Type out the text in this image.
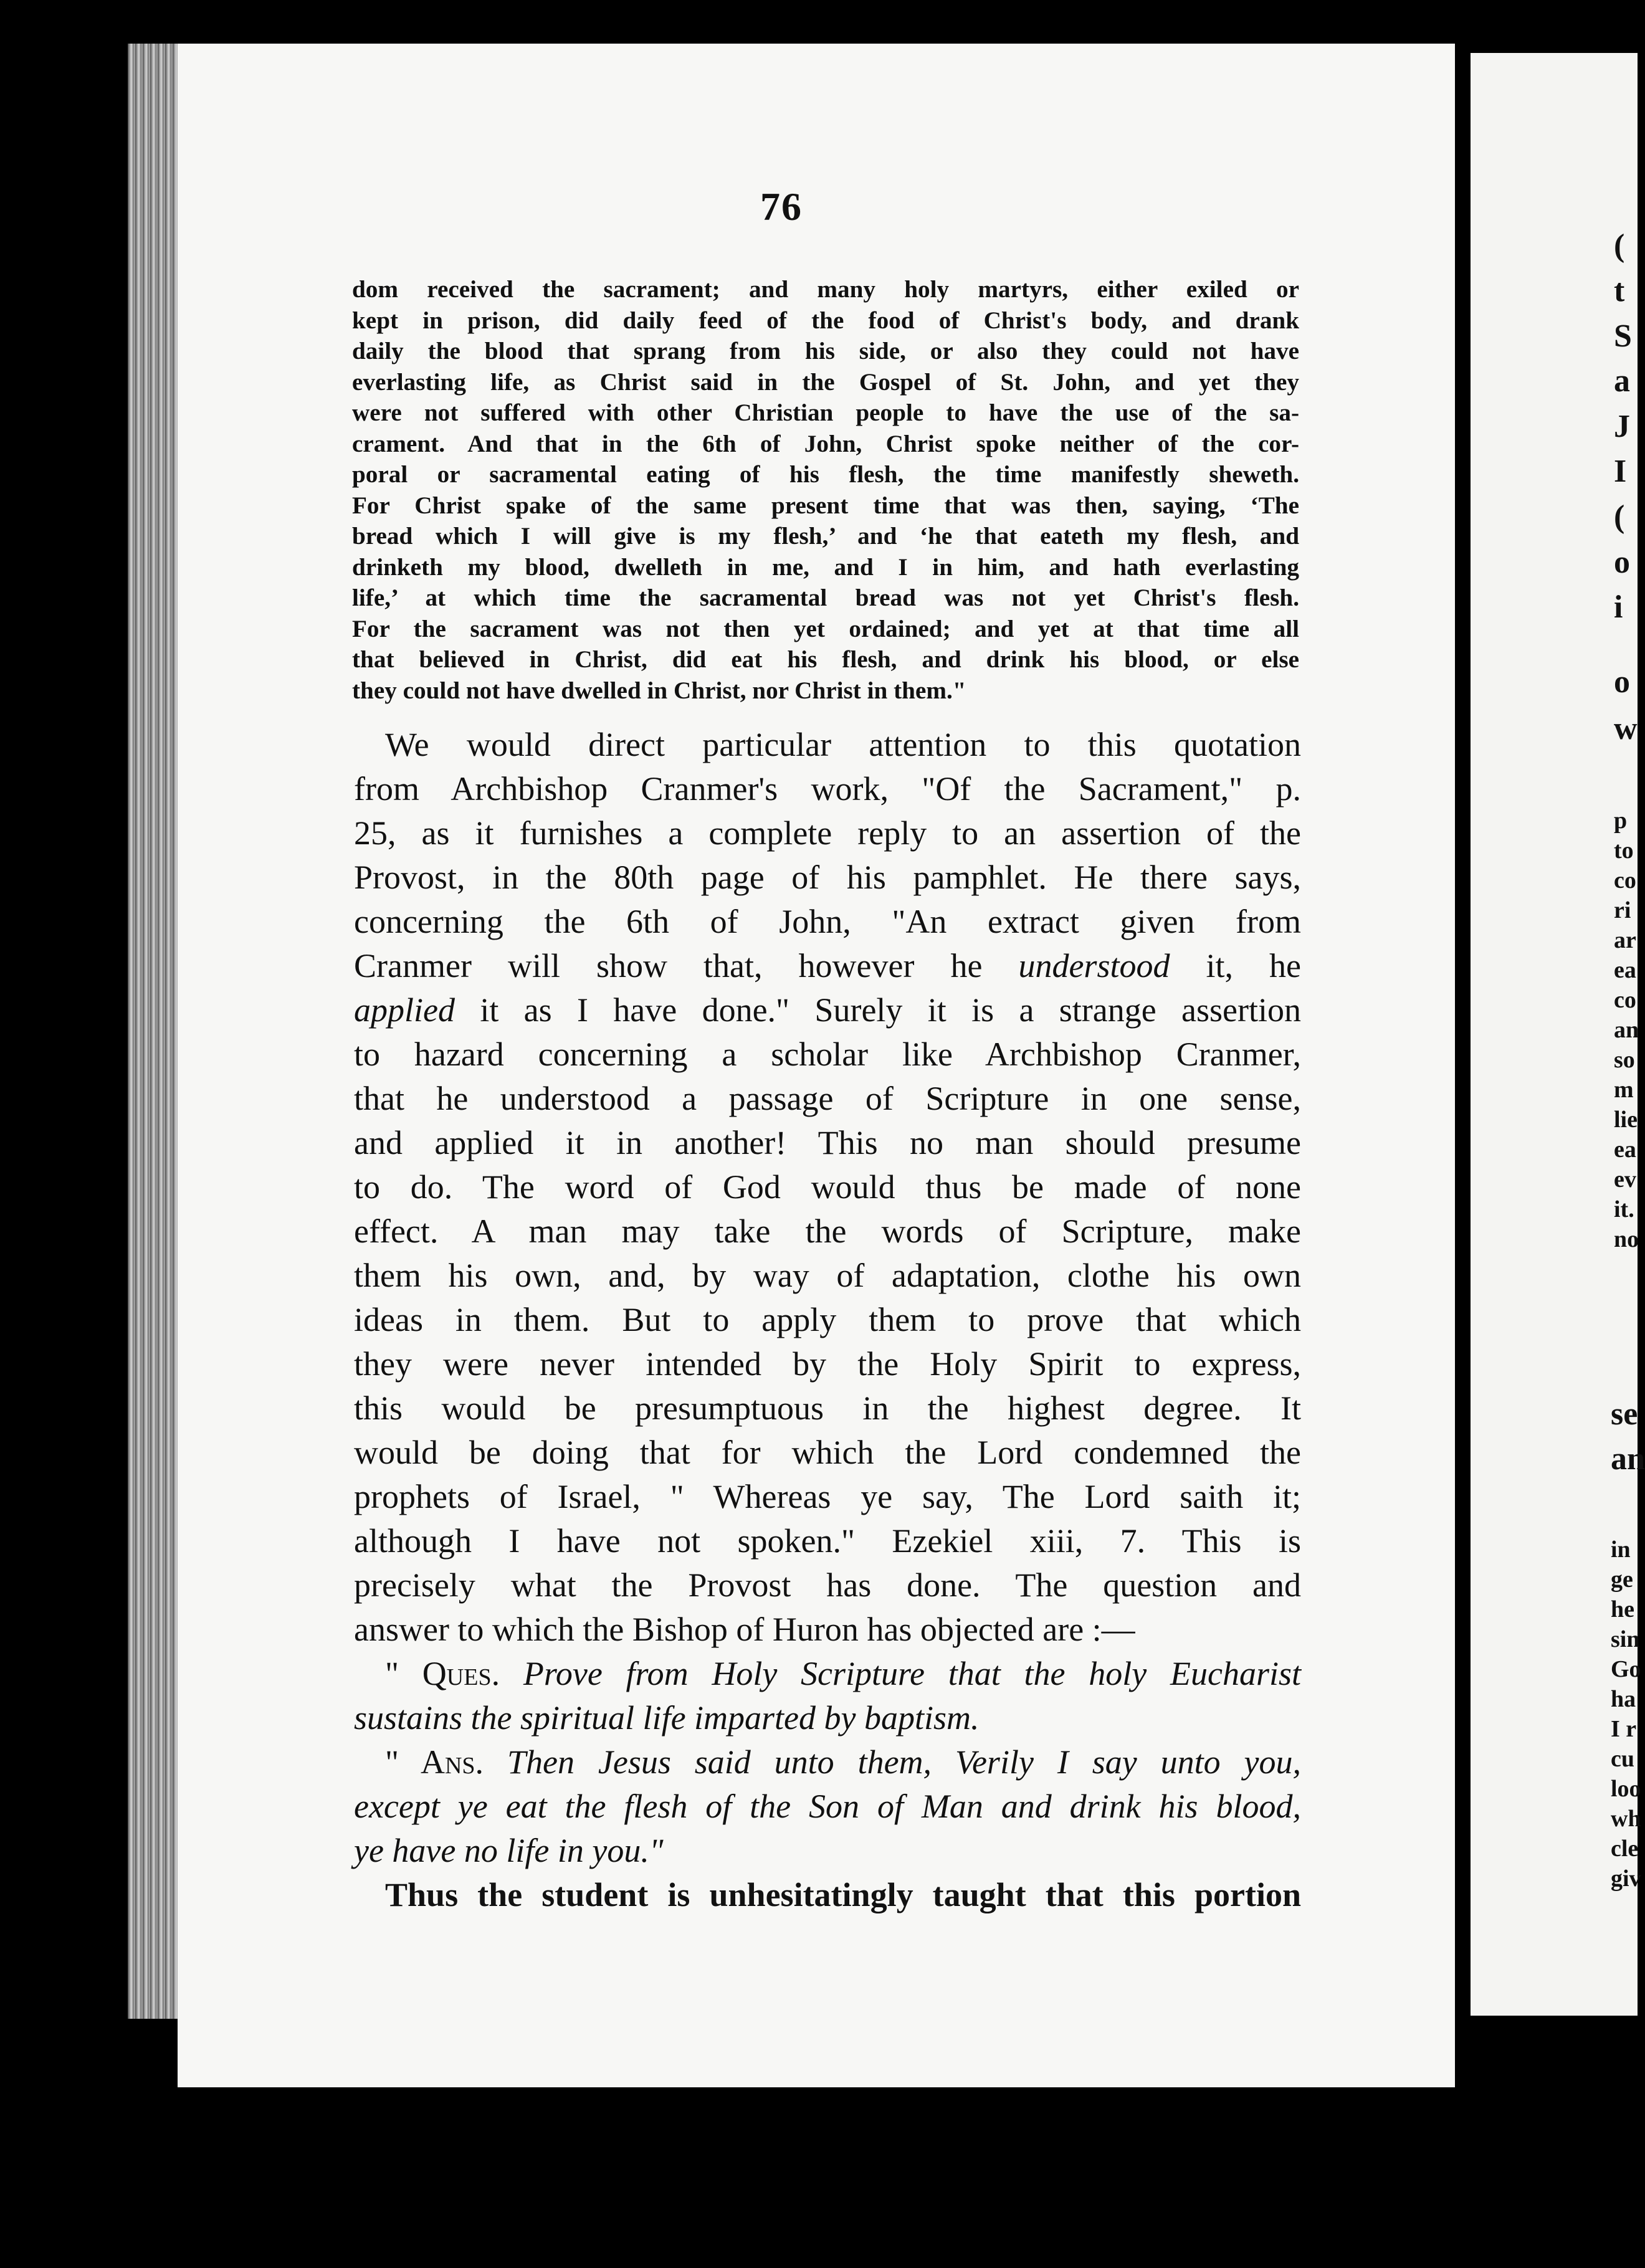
(
t
S
a
J
I
(
o
i
o
w
p
to
co
ri
ar
ea
co
an
so
m
lie
ea
ev
it.
no
se
an
in
ge
he
sin
Go
ha
I r
cu
loo
wh
cle
giv
76
dom received the sacrament; and many holy martyrs, either exiled or
kept in prison, did daily feed of the food of Christ's body, and drank
daily the blood that sprang from his side, or also they could not have
everlasting life, as Christ said in the Gospel of St. John, and yet they
were not suffered with other Christian people to have the use of the sa-
crament. And that in the 6th of John, Christ spoke neither of the cor-
poral or sacramental eating of his flesh, the time manifestly sheweth.
For Christ spake of the same present time that was then, saying, ‘The
bread which I will give is my flesh,’ and ‘he that eateth my flesh, and
drinketh my blood, dwelleth in me, and I in him, and hath everlasting
life,’ at which time the sacramental bread was not yet Christ's flesh.
For the sacrament was not then yet ordained; and yet at that time all
that believed in Christ, did eat his flesh, and drink his blood, or else
they could not have dwelled in Christ, nor Christ in them."
We would direct particular attention to this quotation
from Archbishop Cranmer's work, "Of the Sacrament," p.
25, as it furnishes a complete reply to an assertion of the
Provost, in the 80th page of his pamphlet. He there says,
concerning the 6th of John, "An extract given from
Cranmer will show that, however he understood it, he
applied it as I have done." Surely it is a strange assertion
to hazard concerning a scholar like Archbishop Cranmer,
that he understood a passage of Scripture in one sense,
and applied it in another! This no man should presume
to do. The word of God would thus be made of none
effect. A man may take the words of Scripture, make
them his own, and, by way of adaptation, clothe his own
ideas in them. But to apply them to prove that which
they were never intended by the Holy Spirit to express,
this would be presumptuous in the highest degree. It
would be doing that for which the Lord condemned the
prophets of Israel, " Whereas ye say, The Lord saith it;
although I have not spoken." Ezekiel xiii, 7. This is
precisely what the Provost has done. The question and
answer to which the Bishop of Huron has objected are :—
" Ques. Prove from Holy Scripture that the holy Eucharist
sustains the spiritual life imparted by baptism.
" Ans. Then Jesus said unto them, Verily I say unto you,
except ye eat the flesh of the Son of Man and drink his blood,
ye have no life in you."
Thus the student is unhesitatingly taught that this portion
